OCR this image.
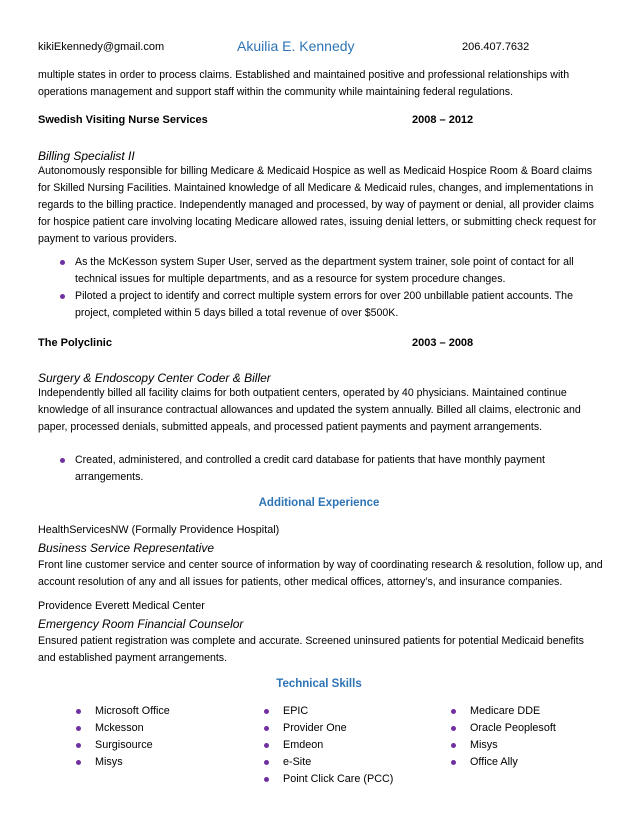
kikiEkennedy@gmail.com	Akuilia E. Kennedy	206.407.7632
multiple states in order to process claims. Established and maintained positive and professional relationships with operations management and support staff within the community while maintaining federal regulations.
Swedish Visiting Nurse Services	2008 – 2012
Billing Specialist II
Autonomously responsible for billing Medicare & Medicaid Hospice as well as Medicaid Hospice Room & Board claims for Skilled Nursing Facilities. Maintained knowledge of all Medicare & Medicaid rules, changes, and implementations in regards to the billing practice. Independently managed and processed, by way of payment or denial, all provider claims for hospice patient care involving locating Medicare allowed rates, issuing denial letters, or submitting check request for payment to various providers.
As the McKesson system Super User, served as the department system trainer, sole point of contact for all technical issues for multiple departments, and as a resource for system procedure changes.
Piloted a project to identify and correct multiple system errors for over 200 unbillable patient accounts. The project, completed within 5 days billed a total revenue of over $500K.
The Polyclinic	2003 – 2008
Surgery & Endoscopy Center Coder & Biller
Independently billed all facility claims for both outpatient centers, operated by 40 physicians. Maintained continue knowledge of all insurance contractual allowances and updated the system annually. Billed all claims, electronic and paper, processed denials, submitted appeals, and processed patient payments and payment arrangements.
Created, administered, and controlled a credit card database for patients that have monthly payment arrangements.
Additional Experience
HealthServicesNW (Formally Providence Hospital)
Business Service Representative
Front line customer service and center source of information by way of coordinating research & resolution, follow up, and account resolution of any and all issues for patients, other medical offices, attorney’s, and insurance companies.
Providence Everett Medical Center
Emergency Room Financial Counselor
Ensured patient registration was complete and accurate. Screened uninsured patients for potential Medicaid benefits and established payment arrangements.
Technical Skills
Microsoft Office
Mckesson
Surgisource
Misys
EPIC
Provider One
Emdeon
e-Site
Point Click Care (PCC)
Medicare DDE
Oracle Peoplesoft
Misys
Office Ally
